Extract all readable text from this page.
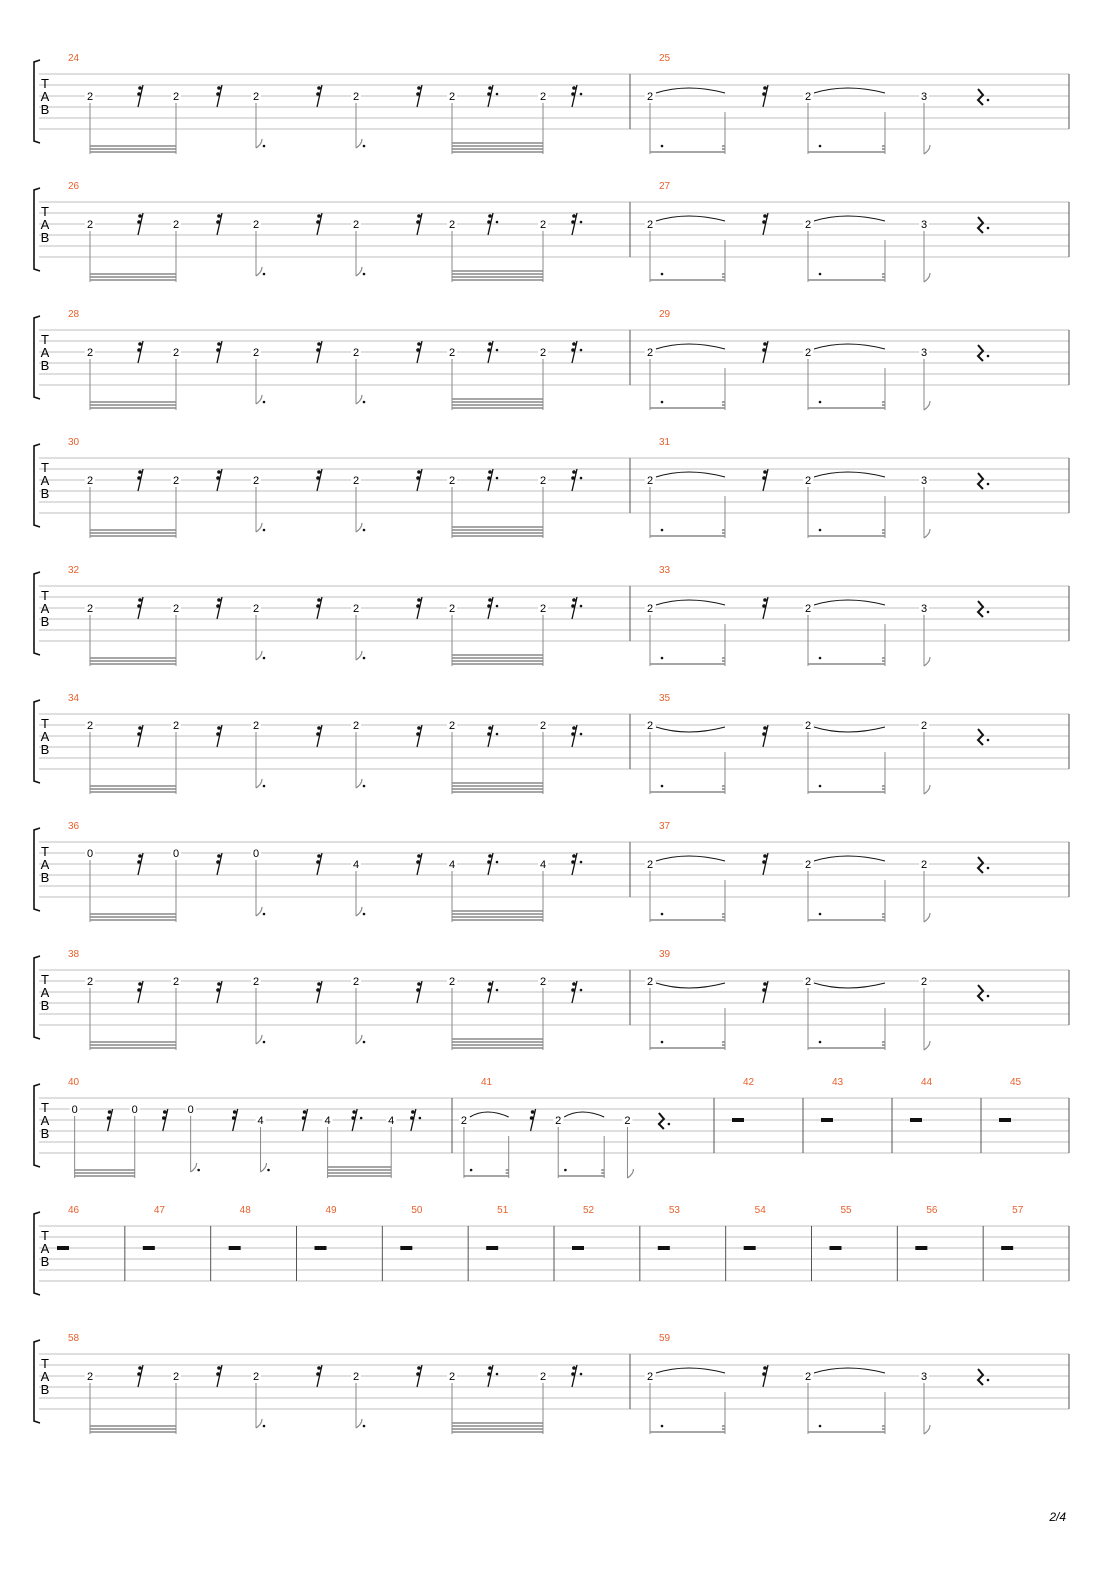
T
A
B
24
2	2	2	2	2	2
25
2	2	3
T
A
B
26
2	2	2	2	2	2
27
2	2	3
T
A
B
28
2	2	2	2	2	2
29
2	2	3
T
A
B
30
2	2	2	2	2	2
31
2	2	3
T
A
B
32
2	2	2	2	2	2
33
2	2	3
T
A
B
34
2	2	2	2	2	2
35
2	2	2
T
A
B
36
0	0	0
4	4	4
37
2	2	2
T
A
B
38
2	2	2	2	2	2
39
2	2	2
T
A
B
40
0	0	0
4	4	4
41
2	2	2
42	43	44	45
T
A
B
46	47	48	49	50	51	52	53	54	55	56	57
T
A
B
58
2	2	2	2	2	2
59
2	2	3
2/4
